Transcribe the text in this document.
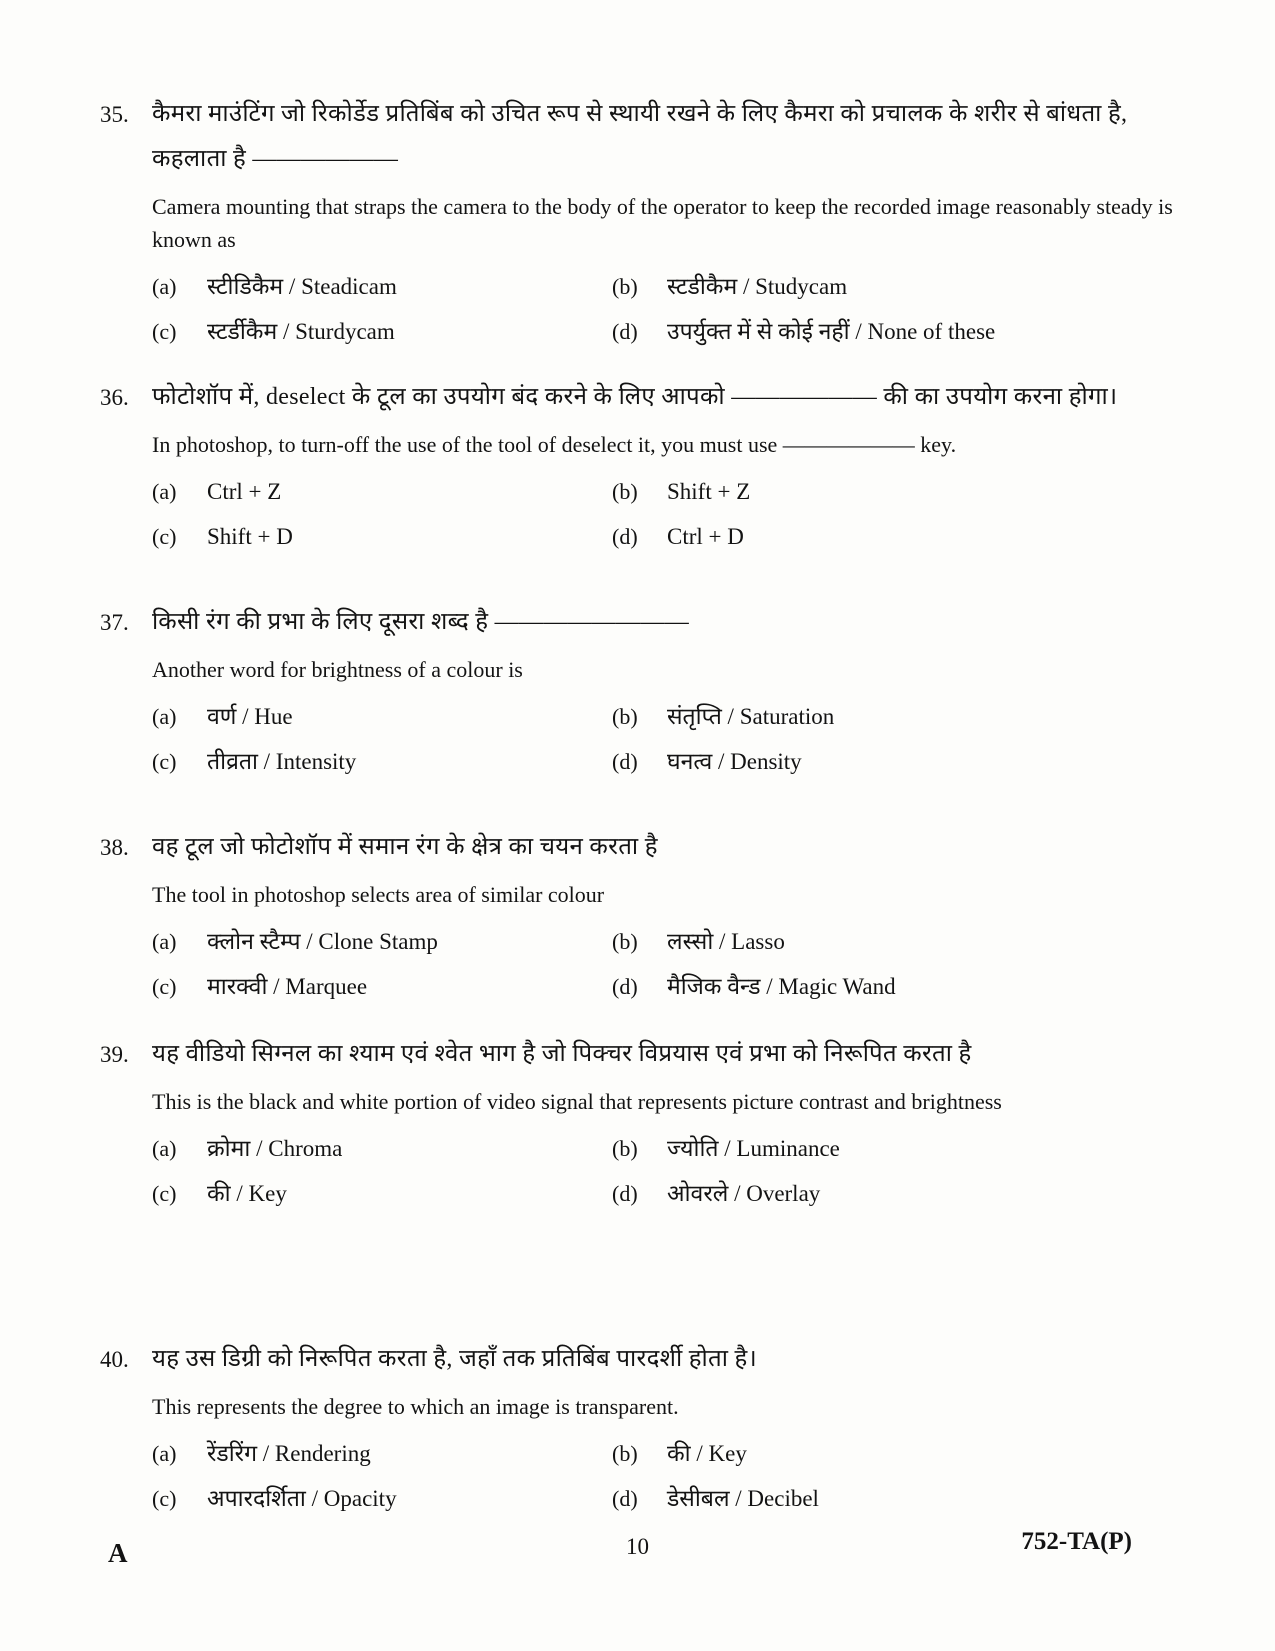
35. कैमरा माउंटिंग जो रिकोर्डेड प्रतिबिंब को उचित रूप से स्थायी रखने के लिए कैमरा को प्रचालक के शरीर से बांधता है, कहलाता है ——————

Camera mounting that straps the camera to the body of the operator to keep the recorded image reasonably steady is known as

(a)	स्टीडिकैम / Steadicam	(b)	स्टडीकैम / Studycam
(c)	स्टर्डीकैम / Sturdycam	(d)	उपर्युक्त में से कोई नहीं / None of these
36. फोटोशॉप में, deselect के टूल का उपयोग बंद करने के लिए आपको —————— की का उपयोग करना होगा।

In photoshop, to turn-off the use of the tool of deselect it, you must use —————— key.

(a)	Ctrl + Z	(b)	Shift + Z
(c)	Shift + D	(d)	Ctrl + D
37. किसी रंग की प्रभा के लिए दूसरा शब्द है ————————

Another word for brightness of a colour is

(a)	वर्ण / Hue	(b)	संतृप्ति / Saturation
(c)	तीव्रता / Intensity	(d)	घनत्व / Density
38. वह टूल जो फोटोशॉप में समान रंग के क्षेत्र का चयन करता है

The tool in photoshop selects area of similar colour

(a)	क्लोन स्टैम्प / Clone Stamp	(b)	लस्सो / Lasso
(c)	मारक्वी / Marquee	(d)	मैजिक वैन्ड / Magic Wand
39. यह वीडियो सिग्नल का श्याम एवं श्वेत भाग है जो पिक्चर विप्रयास एवं प्रभा को निरूपित करता है

This is the black and white portion of video signal that represents picture contrast and brightness

(a)	क्रोमा / Chroma	(b)	ज्योति / Luminance
(c)	की / Key	(d)	ओवरले / Overlay
40. यह उस डिग्री को निरूपित करता है, जहाँ तक प्रतिबिंब पारदर्शी होता है।

This represents the degree to which an image is transparent.

(a)	रेंडरिंग / Rendering	(b)	की / Key
(c)	अपारदर्शिता / Opacity	(d)	डेसीबल / Decibel
10
A	752-TA(P)
